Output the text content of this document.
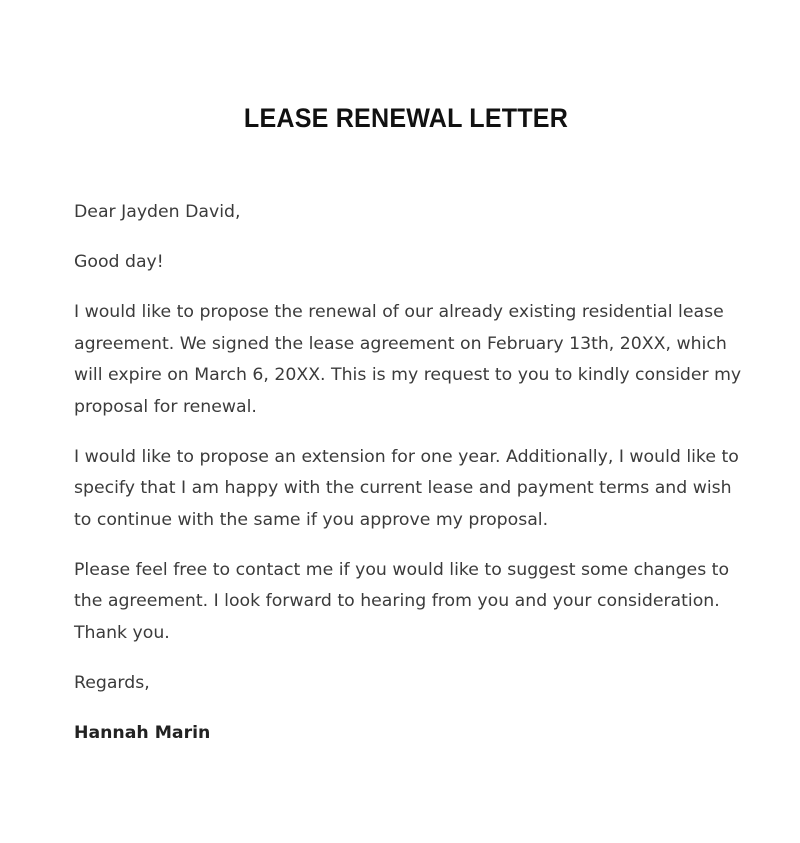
LEASE RENEWAL LETTER

Dear Jayden David,

Good day!

I would like to propose the renewal of our already existing residential lease agreement. We signed the lease agreement on February 13th, 20XX, which will expire on March 6, 20XX. This is my request to you to kindly consider my proposal for renewal.

I would like to propose an extension for one year. Additionally, I would like to specify that I am happy with the current lease and payment terms and wish to continue with the same if you approve my proposal.

Please feel free to contact me if you would like to suggest some changes to the agreement. I look forward to hearing from you and your consideration. Thank you.

Regards,

Hannah Marin
